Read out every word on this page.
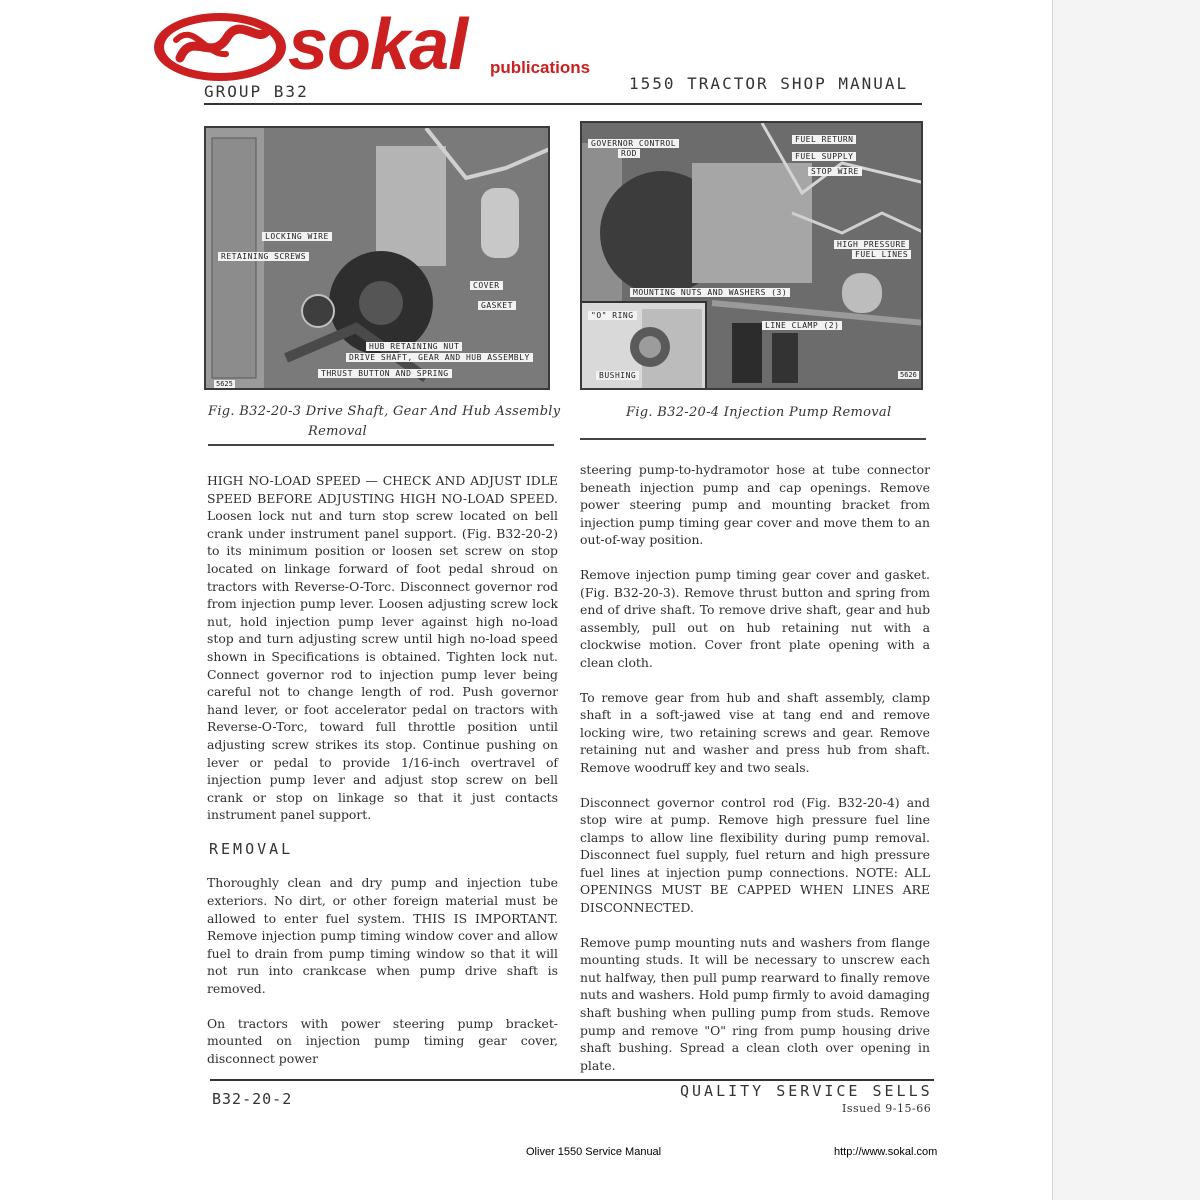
sokal publications
GROUP B32	1550 TRACTOR SHOP MANUAL
LOCKING WIRE
RETAINING SCREWS
COVER
GASKET
HUB RETAINING NUT
DRIVE SHAFT, GEAR AND HUB ASSEMBLY
THRUST BUTTON AND SPRING
5625
Fig. B32-20-3 Drive Shaft, Gear And Hub Assembly
Removal
GOVERNOR CONTROL
ROD
FUEL RETURN
FUEL SUPPLY
STOP WIRE
HIGH PRESSURE
FUEL LINES
MOUNTING NUTS AND WASHERS (3)
LINE CLAMP (2)
"O" RING
BUSHING	5626
Fig. B32-20-4 Injection Pump Removal

HIGH NO-LOAD SPEED — CHECK AND ADJUST IDLE SPEED BEFORE ADJUSTING HIGH NO-LOAD SPEED. Loosen lock nut and turn stop screw located on bell crank under instrument panel support. (Fig. B32-20-2) to its minimum position or loosen set screw on stop located on linkage forward of foot pedal shroud on tractors with Reverse-O-Torc. Disconnect governor rod from injection pump lever. Loosen adjusting screw lock nut, hold injection pump lever against high no-load stop and turn adjusting screw until high no-load speed shown in Specifications is obtained. Tighten lock nut. Connect governor rod to injection pump lever being careful not to change length of rod. Push governor hand lever, or foot accelerator pedal on tractors with Reverse-O-Torc, toward full throttle position until adjusting screw strikes its stop. Continue pushing on lever or pedal to provide 1/16-inch overtravel of injection pump lever and adjust stop screw on bell crank or stop on linkage so that it just contacts instrument panel support.

REMOVAL

Thoroughly clean and dry pump and injection tube exteriors. No dirt, or other foreign material must be allowed to enter fuel system. THIS IS IMPORTANT. Remove injection pump timing window cover and allow fuel to drain from pump timing window so that it will not run into crankcase when pump drive shaft is removed.

On tractors with power steering pump bracket-mounted on injection pump timing gear cover, disconnect power

steering pump-to-hydramotor hose at tube connector beneath injection pump and cap openings. Remove power steering pump and mounting bracket from injection pump timing gear cover and move them to an out-of-way position.

Remove injection pump timing gear cover and gasket. (Fig. B32-20-3). Remove thrust button and spring from end of drive shaft. To remove drive shaft, gear and hub assembly, pull out on hub retaining nut with a clockwise motion. Cover front plate opening with a clean cloth.

To remove gear from hub and shaft assembly, clamp shaft in a soft-jawed vise at tang end and remove locking wire, two retaining screws and gear. Remove retaining nut and washer and press hub from shaft. Remove woodruff key and two seals.

Disconnect governor control rod (Fig. B32-20-4) and stop wire at pump. Remove high pressure fuel line clamps to allow line flexibility during pump removal. Disconnect fuel supply, fuel return and high pressure fuel lines at injection pump connections. NOTE: ALL OPENINGS MUST BE CAPPED WHEN LINES ARE DISCONNECTED.

Remove pump mounting nuts and washers from flange mounting studs. It will be necessary to unscrew each nut halfway, then pull pump rearward to finally remove nuts and washers. Hold pump firmly to avoid damaging shaft bushing when pulling pump from studs. Remove pump and remove "O" ring from pump housing drive shaft bushing. Spread a clean cloth over opening in plate.

B32-20-2	QUALITY SERVICE SELLS
Issued 9-15-66
Oliver 1550 Service Manual	http://www.sokal.com
